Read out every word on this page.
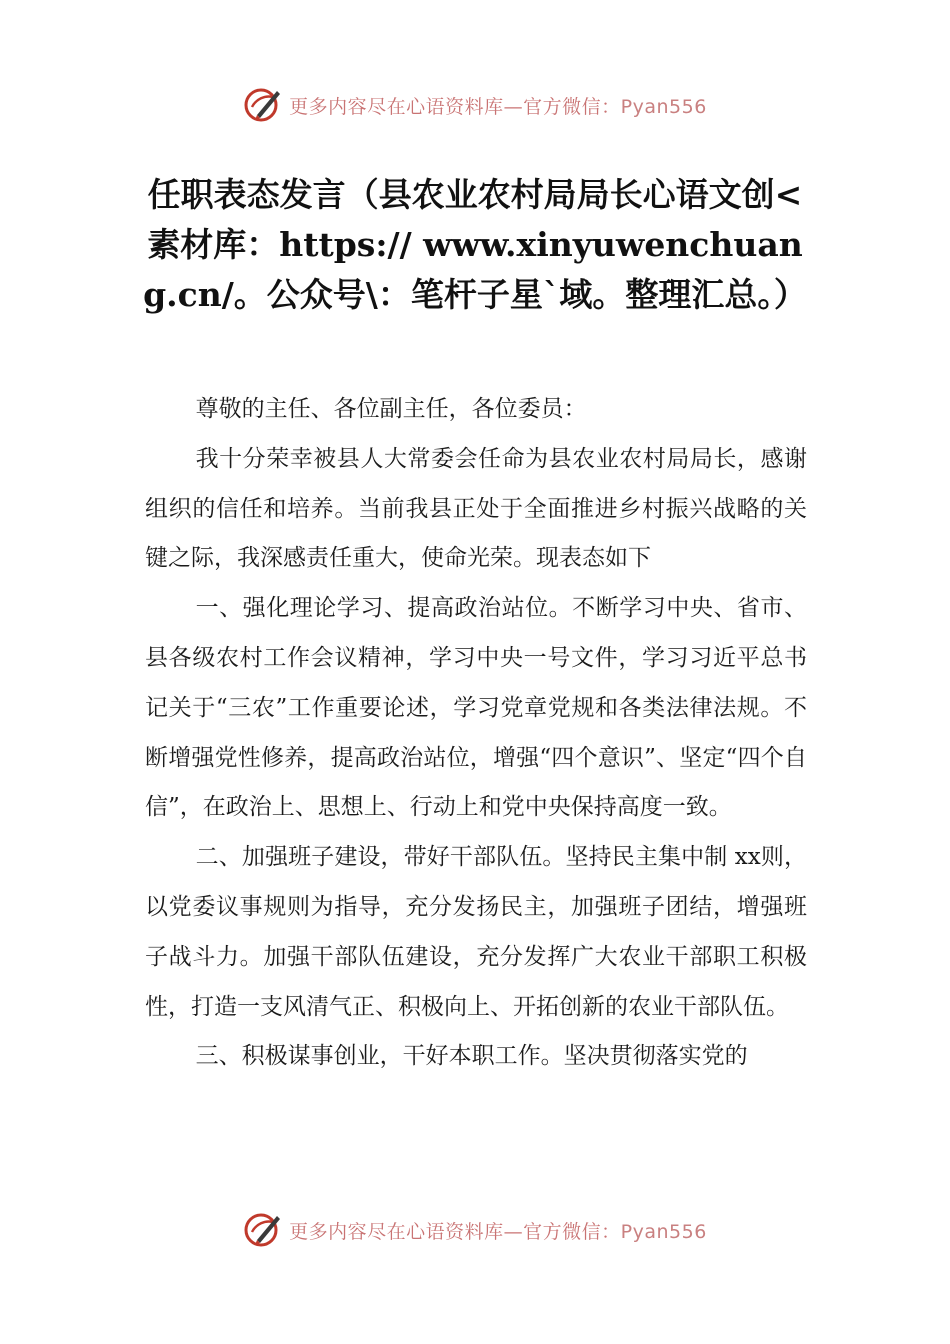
更多内容尽在心语资料库—官方微信：Pyan556
任职表态发言（县农业农村局局长心语文创<素材库：https:// www.xinyuwenchuang.cn/。公众号\：笔杆子星`域。整理汇总。）

尊敬的主任、各位副主任，各位委员：

我十分荣幸被县人大常委会任命为县农业农村局局长，感谢组织的信任和培养。当前我县正处于全面推进乡村振兴战略的关键之际，我深感责任重大，使命光荣。现表态如下

一、强化理论学习、提高政治站位。不断学习中央、省市、县各级农村工作会议精神，学习中央一号文件，学习习近平总书记关于“三农”工作重要论述，学习党章党规和各类法律法规。不断增强党性修养，提高政治站位，增强“四个意识”、坚定“四个自信”，在政治上、思想上、行动上和党中央保持高度一致。

二、加强班子建设，带好干部队伍。坚持民主集中制 xx则，以党委议事规则为指导，充分发扬民主，加强班子团结，增强班子战斗力。加强干部队伍建设，充分发挥广大农业干部职工积极性，打造一支风清气正、积极向上、开拓创新的农业干部队伍。

三、积极谋事创业，干好本职工作。坚决贯彻落实党的

更多内容尽在心语资料库—官方微信：Pyan556
